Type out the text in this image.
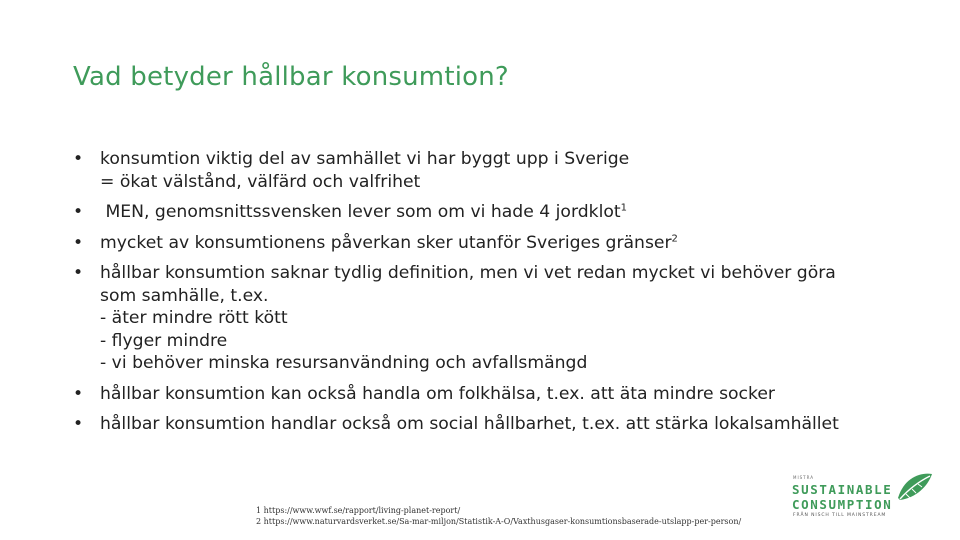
Vad betyder hållbar konsumtion?
• konsumtion viktig del av samhället vi har byggt upp i Sverige
= ökat välstånd, välfärd och valfrihet
• MEN, genomsnittssvensken lever som om vi hade 4 jordklot$^1$
• mycket av konsumtionens påverkan sker utanför Sveriges gränser$^2$
• hållbar konsumtion saknar tydlig definition, men vi vet redan mycket vi behöver göra
som samhälle, t.ex.
- äter mindre rött kött
- flyger mindre
- vi behöver minska resursanvändning och avfallsmängd
• hållbar konsumtion kan också handla om folkhälsa, t.ex. att äta mindre socker
• hållbar konsumtion handlar också om social hållbarhet, t.ex. att stärka lokalsamhället
1 https://www.wwf.se/rapport/living-planet-report/
2 https://www.naturvardsverket.se/Sa-mar-miljon/Statistik-A-O/Vaxthusgaser-konsumtionsbaserade-utslapp-per-person/
MISTRA
SUSTAINABLE
CONSUMPTION
FRÅN NISCH TILL MAINSTREAM
